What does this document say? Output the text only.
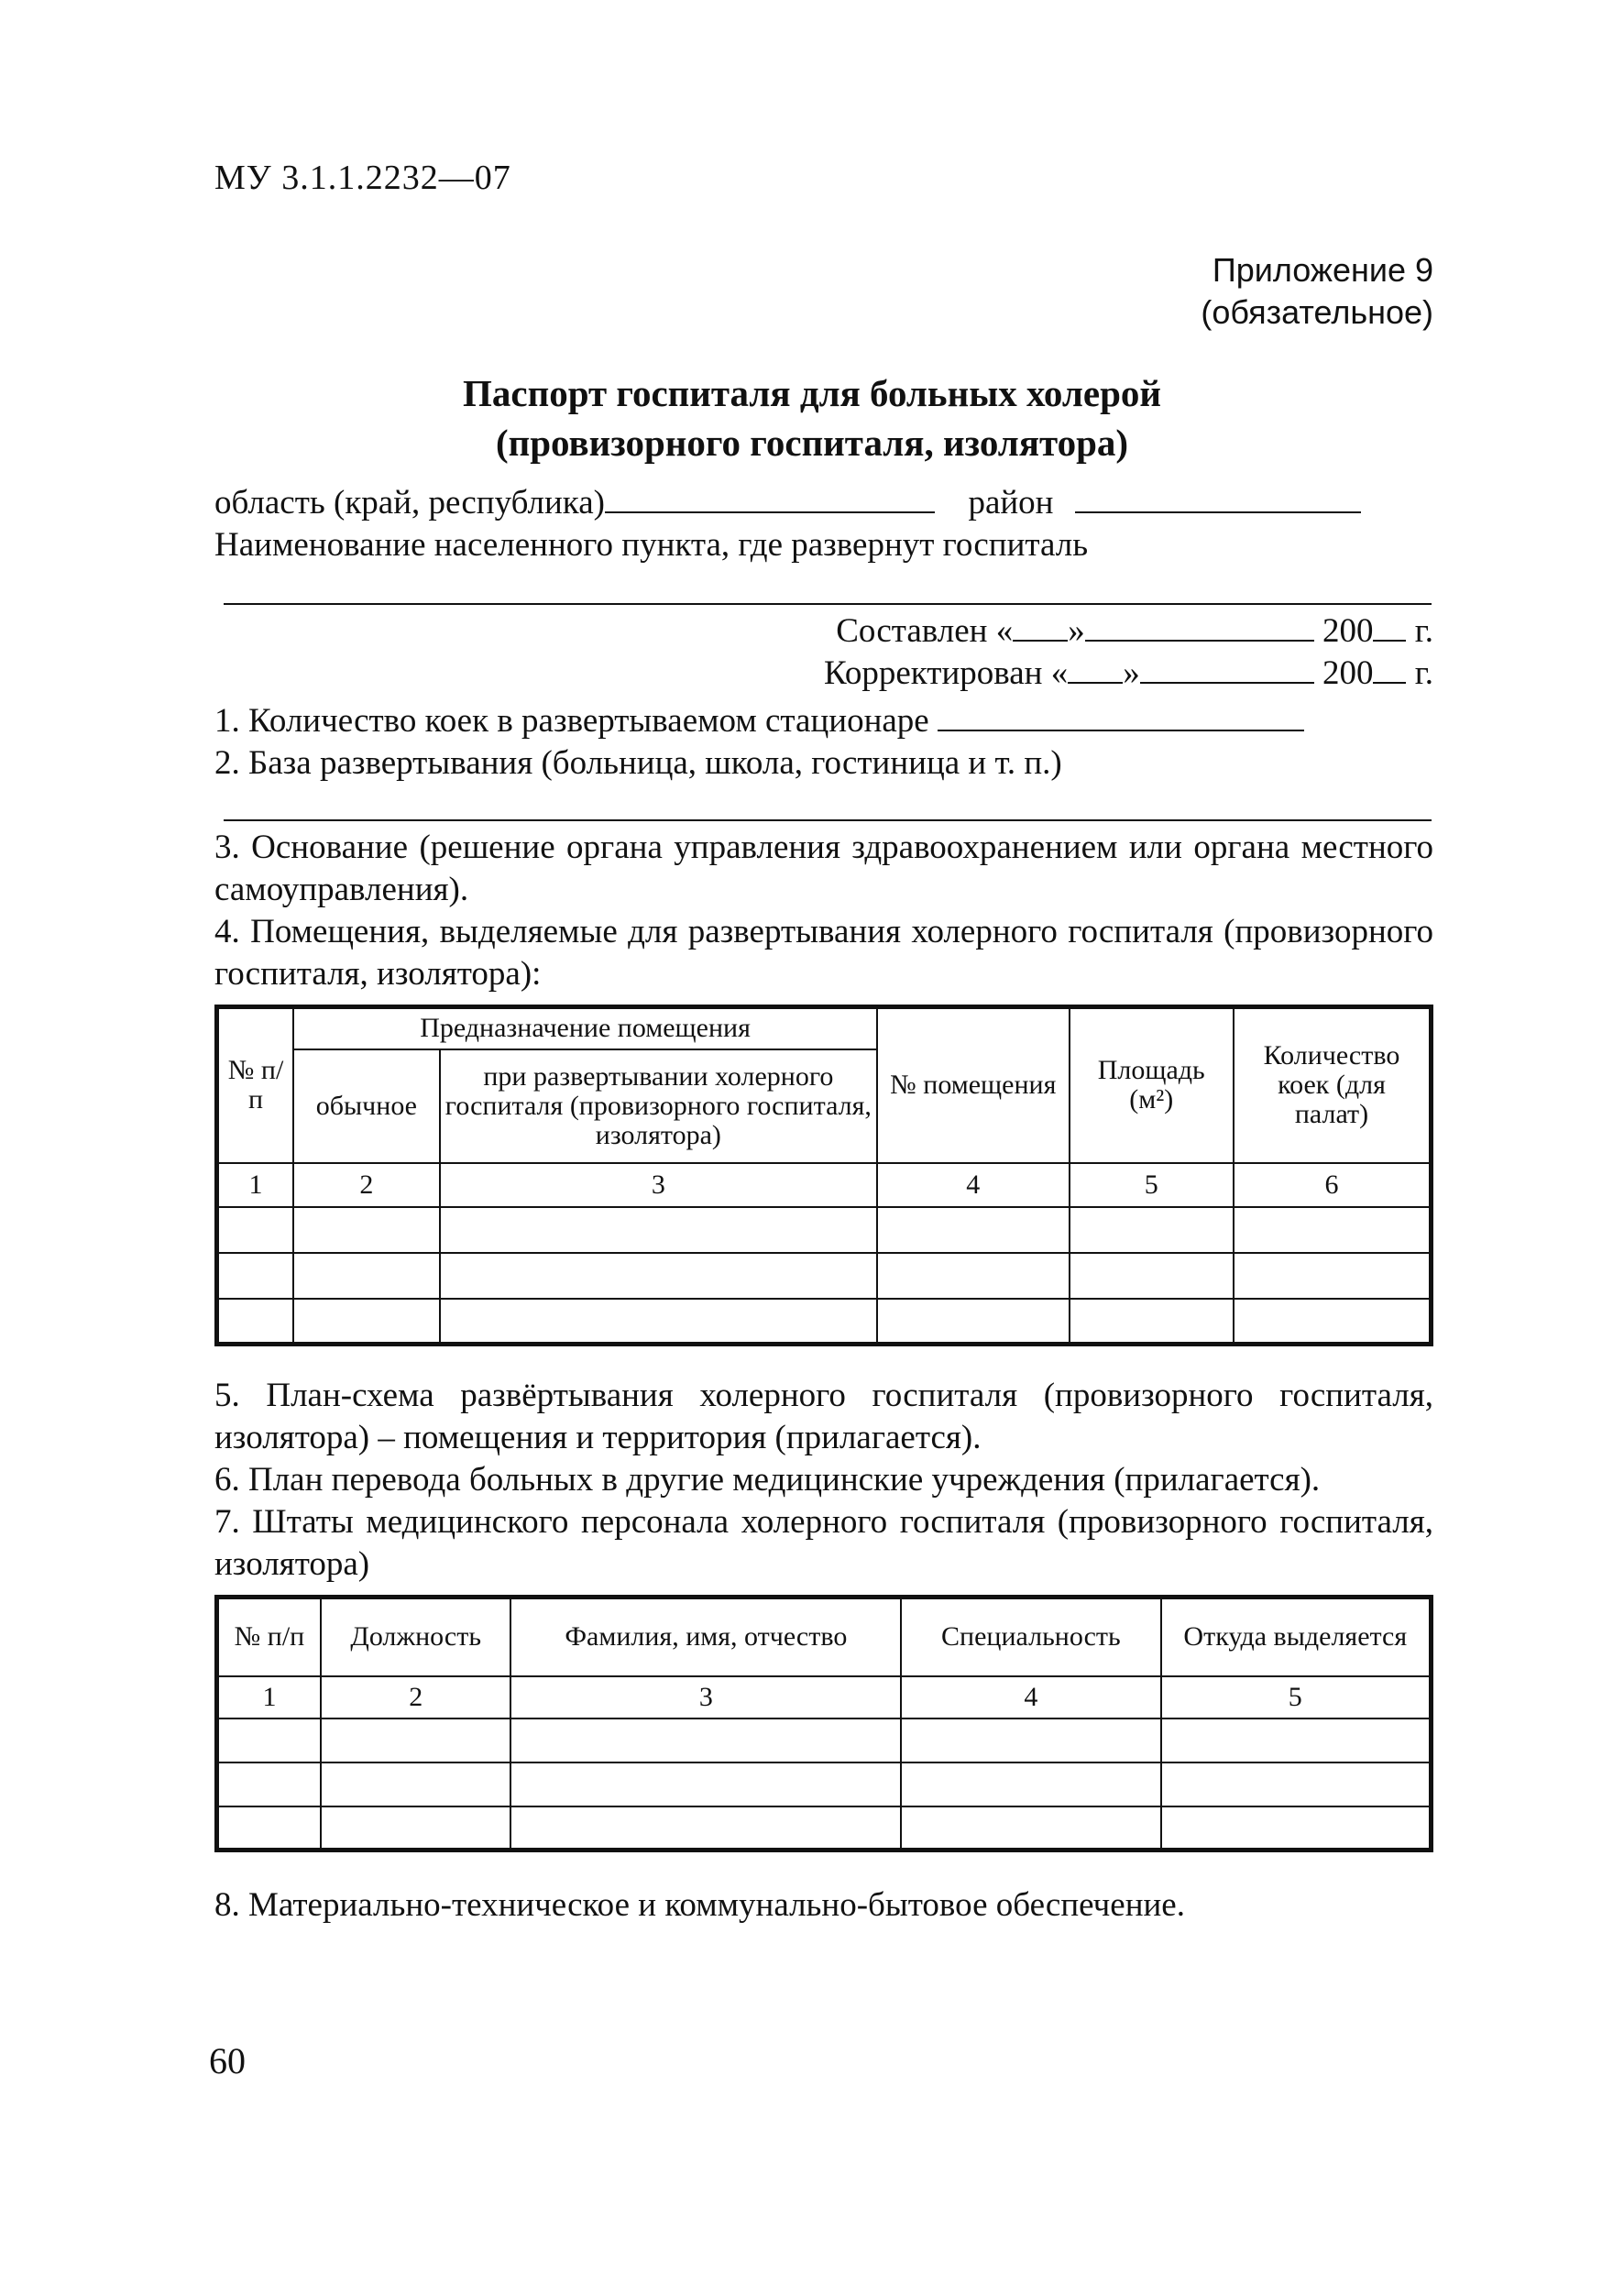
МУ 3.1.1.2232—07
Приложение 9
(обязательное)
Паспорт госпиталя для больных холерой
(провизорного госпиталя, изолятора)
область (край, республика)	район
Наименование населенного пункта, где развернут госпиталь
Составлен « »	200 г.
Корректирован « »	200 г.
1. Количество коек в развертываемом стационаре
2. База развертывания (больница, школа, гостиница и т. п.)
3. Основание (решение органа управления здравоохранением или органа местного самоуправления).
4. Помещения, выделяемые для развертывания холерного госпиталя (провизорного госпиталя, изолятора):
№ п/п	Предназначение помещения		№ помещения	Площадь (м²)	Количество коек (для палат)
	обычное	при развертывании холерного госпиталя (провизорного госпиталя, изолятора)			
1	2	3	4	5	6

5. План-схема развёртывания холерного госпиталя (провизорного госпиталя, изолятора) – помещения и территория (прилагается).
6. План перевода больных в другие медицинские учреждения (прилагается).
7. Штаты медицинского персонала холерного госпиталя (провизорного госпиталя, изолятора)
№ п/п	Должность	Фамилия, имя, отчество	Специальность	Откуда выделяется
1	2	3	4	5

8. Материально-техническое и коммунально-бытовое обеспечение.
60
